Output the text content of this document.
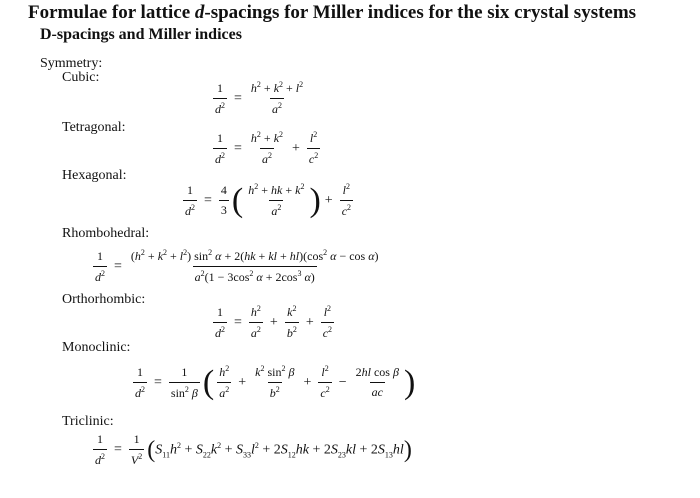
Formulae for lattice d-spacings for Miller indices for the six crystal systems
D-spacings and Miller indices
Symmetry:
Cubic:
Tetragonal:
Hexagonal:
Rhombohedral:
Orthorhombic:
Monoclinic:
Triclinic:
$\frac{1}{d^2} = \frac{h^2 + k^2 + l^2}{a^2}$
$\frac{1}{d^2} = \frac{h^2 + k^2}{a^2} + \frac{l^2}{c^2}$
$\frac{1}{d^2} = \frac{4}{3}$ ( $\frac{h^2 + hk + k^2}{a^2}$ ) + $\frac{l^2}{c^2}$
$\frac{1}{d^2} = \frac{(h^2 + k^2 + l^2) \sin^2 \alpha + 2(hk + kl + hl)(\cos^2 \alpha - \cos \alpha)}{a^2(1 - 3\cos^2 \alpha + 2\cos^3 \alpha)}$
$\frac{1}{d^2} = \frac{h^2}{a^2} + \frac{k^2}{b^2} + \frac{l^2}{c^2}$
$\frac{1}{d^2} = \frac{1}{\sin^2 \beta}$ ( $\frac{h^2}{a^2} + \frac{k^2 \sin^2 \beta}{b^2} + \frac{l^2}{c^2} - \frac{\text{2hl cos β}}{ac}$ )
$\frac{1}{d^2} = \frac{1}{V^2}$ ( $S_{11}h^2 + S_{22}k^2 + S_{33}l^2 + 2S_{12}hk + 2S_{23}kl + 2S_{13}hl$ )
